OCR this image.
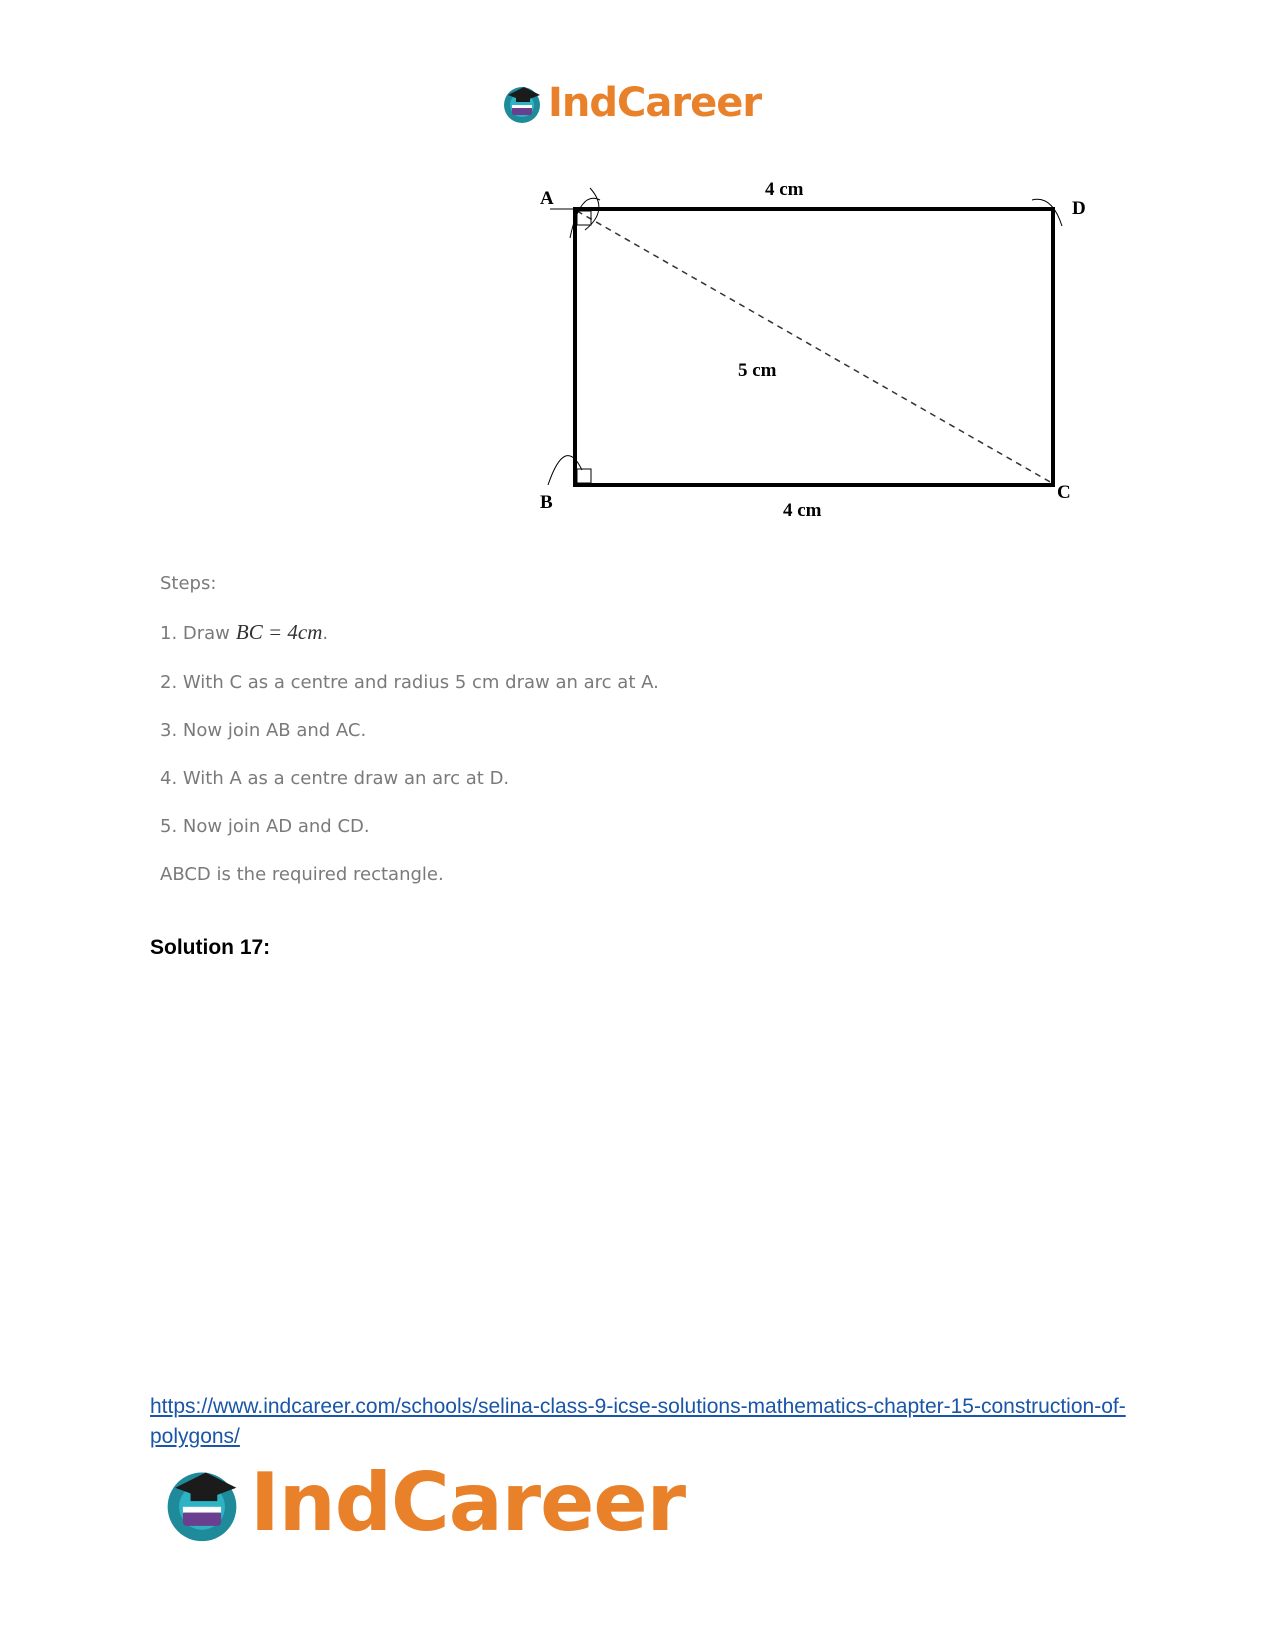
IndCareer
A
B	C
D
4 cm
5 cm
4 cm
Steps:
1. Draw BC = 4cm.
2. With C as a centre and radius 5 cm draw an arc at A.
3. Now join AB and AC.
4. With A as a centre draw an arc at D.
5. Now join AD and CD.
ABCD is the required rectangle.
Solution 17:
https://www.indcareer.com/schools/selina-class-9-icse-solutions-mathematics-chapter-15-construction-of-polygons/
IndCareer
